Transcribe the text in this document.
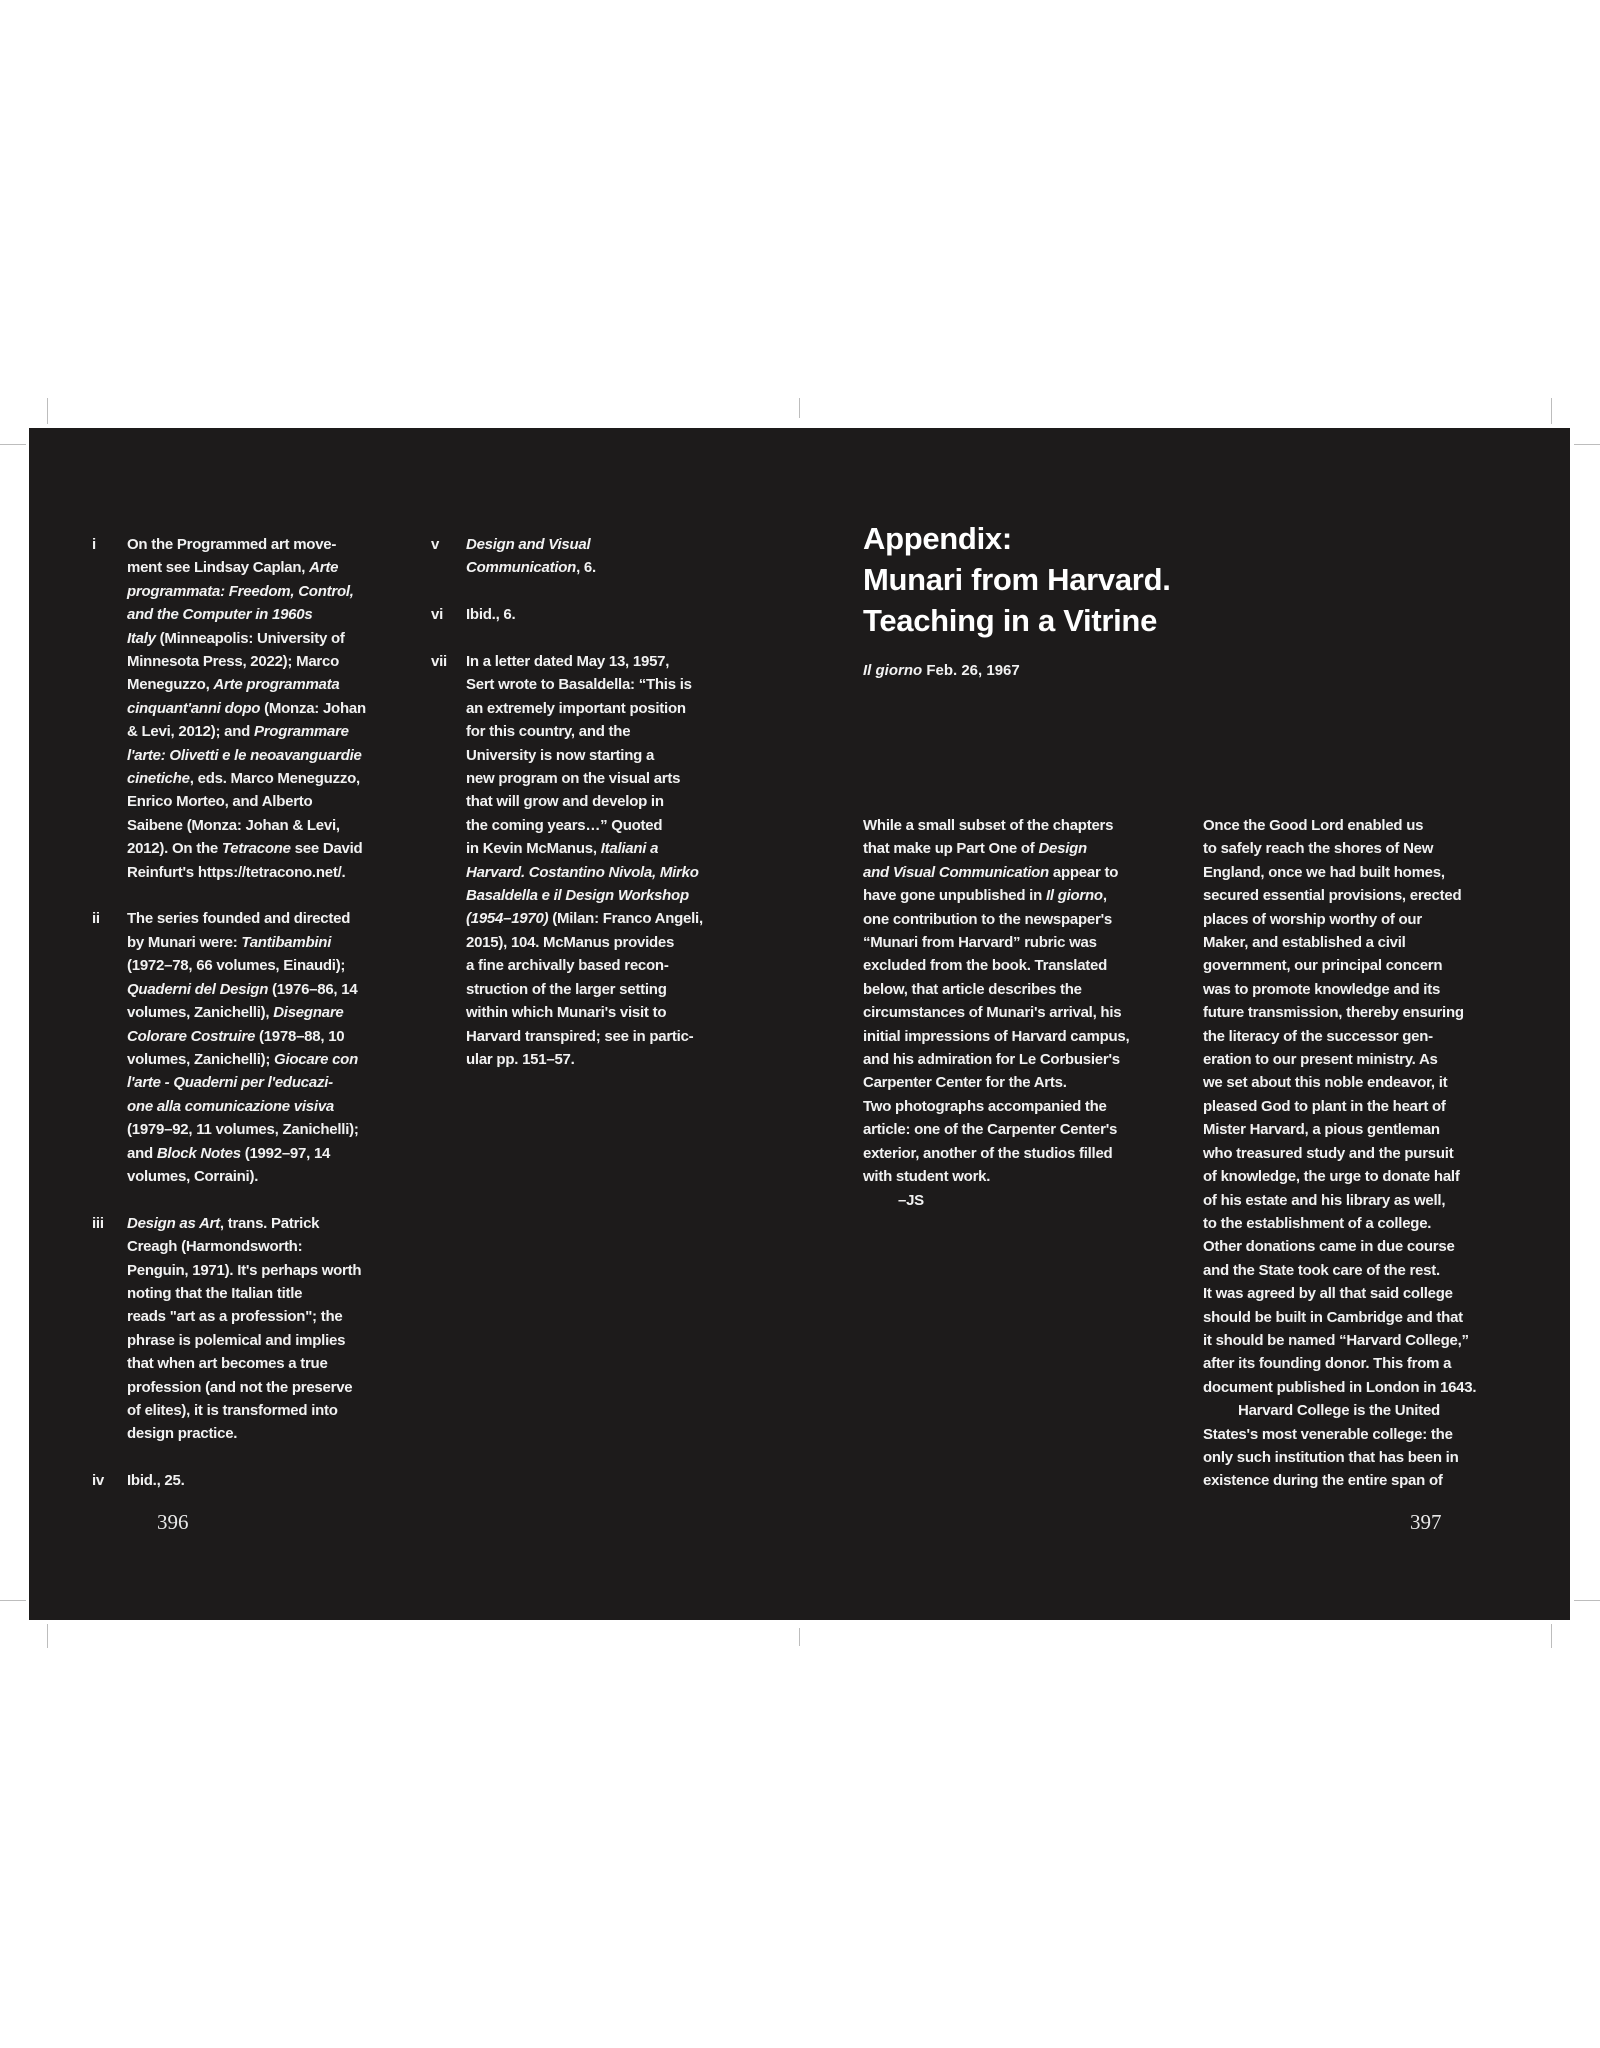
i On the Programmed art move-
ment see Lindsay Caplan, Arte
programmata: Freedom, Control,
and the Computer in 1960s
Italy (Minneapolis: University of
Minnesota Press, 2022); Marco
Meneguzzo, Arte programmata
cinquant'anni dopo (Monza: Johan
& Levi, 2012); and Programmare
l'arte: Olivetti e le neoavanguardie
cinetiche, eds. Marco Meneguzzo,
Enrico Morteo, and Alberto
Saibene (Monza: Johan & Levi,
2012). On the Tetracone see David
Reinfurt's https://tetracono.net/.
ii The series founded and directed
by Munari were: Tantibambini
(1972–78, 66 volumes, Einaudi);
Quaderni del Design (1976–86, 14
volumes, Zanichelli), Disegnare
Colorare Costruire (1978–88, 10
volumes, Zanichelli); Giocare con
l'arte - Quaderni per l'educazi-
one alla comunicazione visiva
(1979–92, 11 volumes, Zanichelli);
and Block Notes (1992–97, 14
volumes, Corraini).
iii Design as Art, trans. Patrick
Creagh (Harmondsworth:
Penguin, 1971). It's perhaps worth
noting that the Italian title
reads "art as a profession"; the
phrase is polemical and implies
that when art becomes a true
profession (and not the preserve
of elites), it is transformed into
design practice.
iv Ibid., 25.
v Design and Visual
Communication, 6.
vi Ibid., 6.
vii In a letter dated May 13, 1957,
Sert wrote to Basaldella: “This is
an extremely important position
for this country, and the
University is now starting a
new program on the visual arts
that will grow and develop in
the coming years…” Quoted
in Kevin McManus, Italiani a
Harvard. Costantino Nivola, Mirko
Basaldella e il Design Workshop
(1954–1970) (Milan: Franco Angeli,
2015), 104. McManus provides
a fine archivally based recon-
struction of the larger setting
within which Munari's visit to
Harvard transpired; see in partic-
ular pp. 151–57.
396
Appendix:
Munari from Harvard.
Teaching in a Vitrine
Il giorno Feb. 26, 1967
While a small subset of the chapters
that make up Part One of Design
and Visual Communication appear to
have gone unpublished in Il giorno,
one contribution to the newspaper's
“Munari from Harvard” rubric was
excluded from the book. Translated
below, that article describes the
circumstances of Munari's arrival, his
initial impressions of Harvard campus,
and his admiration for Le Corbusier's
Carpenter Center for the Arts.
Two photographs accompanied the
article: one of the Carpenter Center's
exterior, another of the studios filled
with student work.
–JS
Once the Good Lord enabled us
to safely reach the shores of New
England, once we had built homes,
secured essential provisions, erected
places of worship worthy of our
Maker, and established a civil
government, our principal concern
was to promote knowledge and its
future transmission, thereby ensuring
the literacy of the successor gen-
eration to our present ministry. As
we set about this noble endeavor, it
pleased God to plant in the heart of
Mister Harvard, a pious gentleman
who treasured study and the pursuit
of knowledge, the urge to donate half
of his estate and his library as well,
to the establishment of a college.
Other donations came in due course
and the State took care of the rest.
It was agreed by all that said college
should be built in Cambridge and that
it should be named “Harvard College,”
after its founding donor. This from a
document published in London in 1643.
Harvard College is the United
States's most venerable college: the
only such institution that has been in
existence during the entire span of
397
